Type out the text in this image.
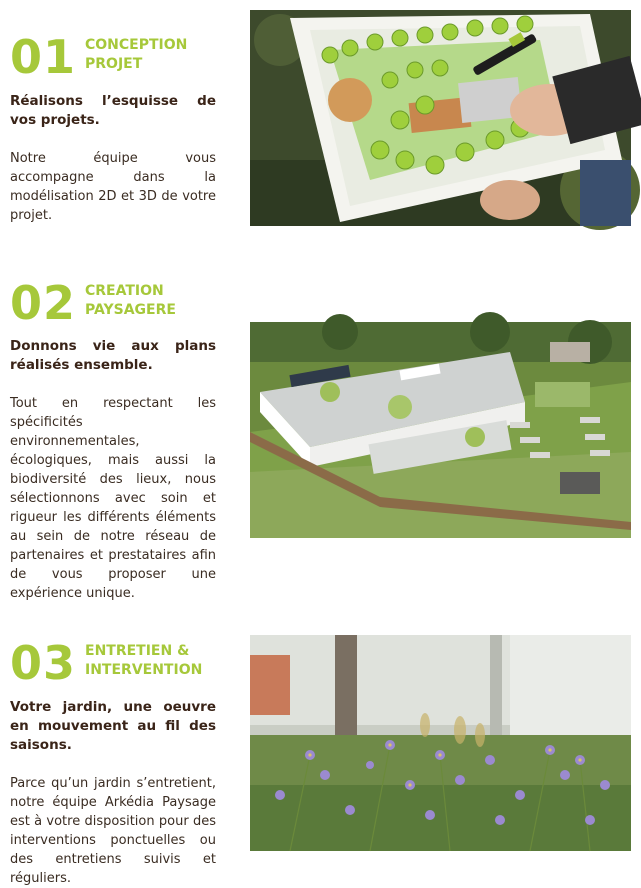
01 CONCEPTION
PROJET
Réalisons l’esquisse de vos projets.
Notre équipe vous accompagne dans la modélisation 2D et 3D de votre projet.
02 CREATION
PAYSAGERE
Donnons vie aux plans réalisés ensemble.
Tout en respectant les spécificités environnementales, écologiques, mais aussi la biodiversité des lieux, nous sélectionnons avec soin et rigueur les différents éléments au sein de notre réseau de partenaires et prestataires afin de vous proposer une expérience unique.
03 ENTRETIEN &
INTERVENTION
Votre jardin, une oeuvre en mouvement au fil des saisons.
Parce qu’un jardin s’entretient, notre équipe Arkédia Paysage est à votre disposition pour des interventions ponctuelles ou des entretiens suivis et réguliers.
